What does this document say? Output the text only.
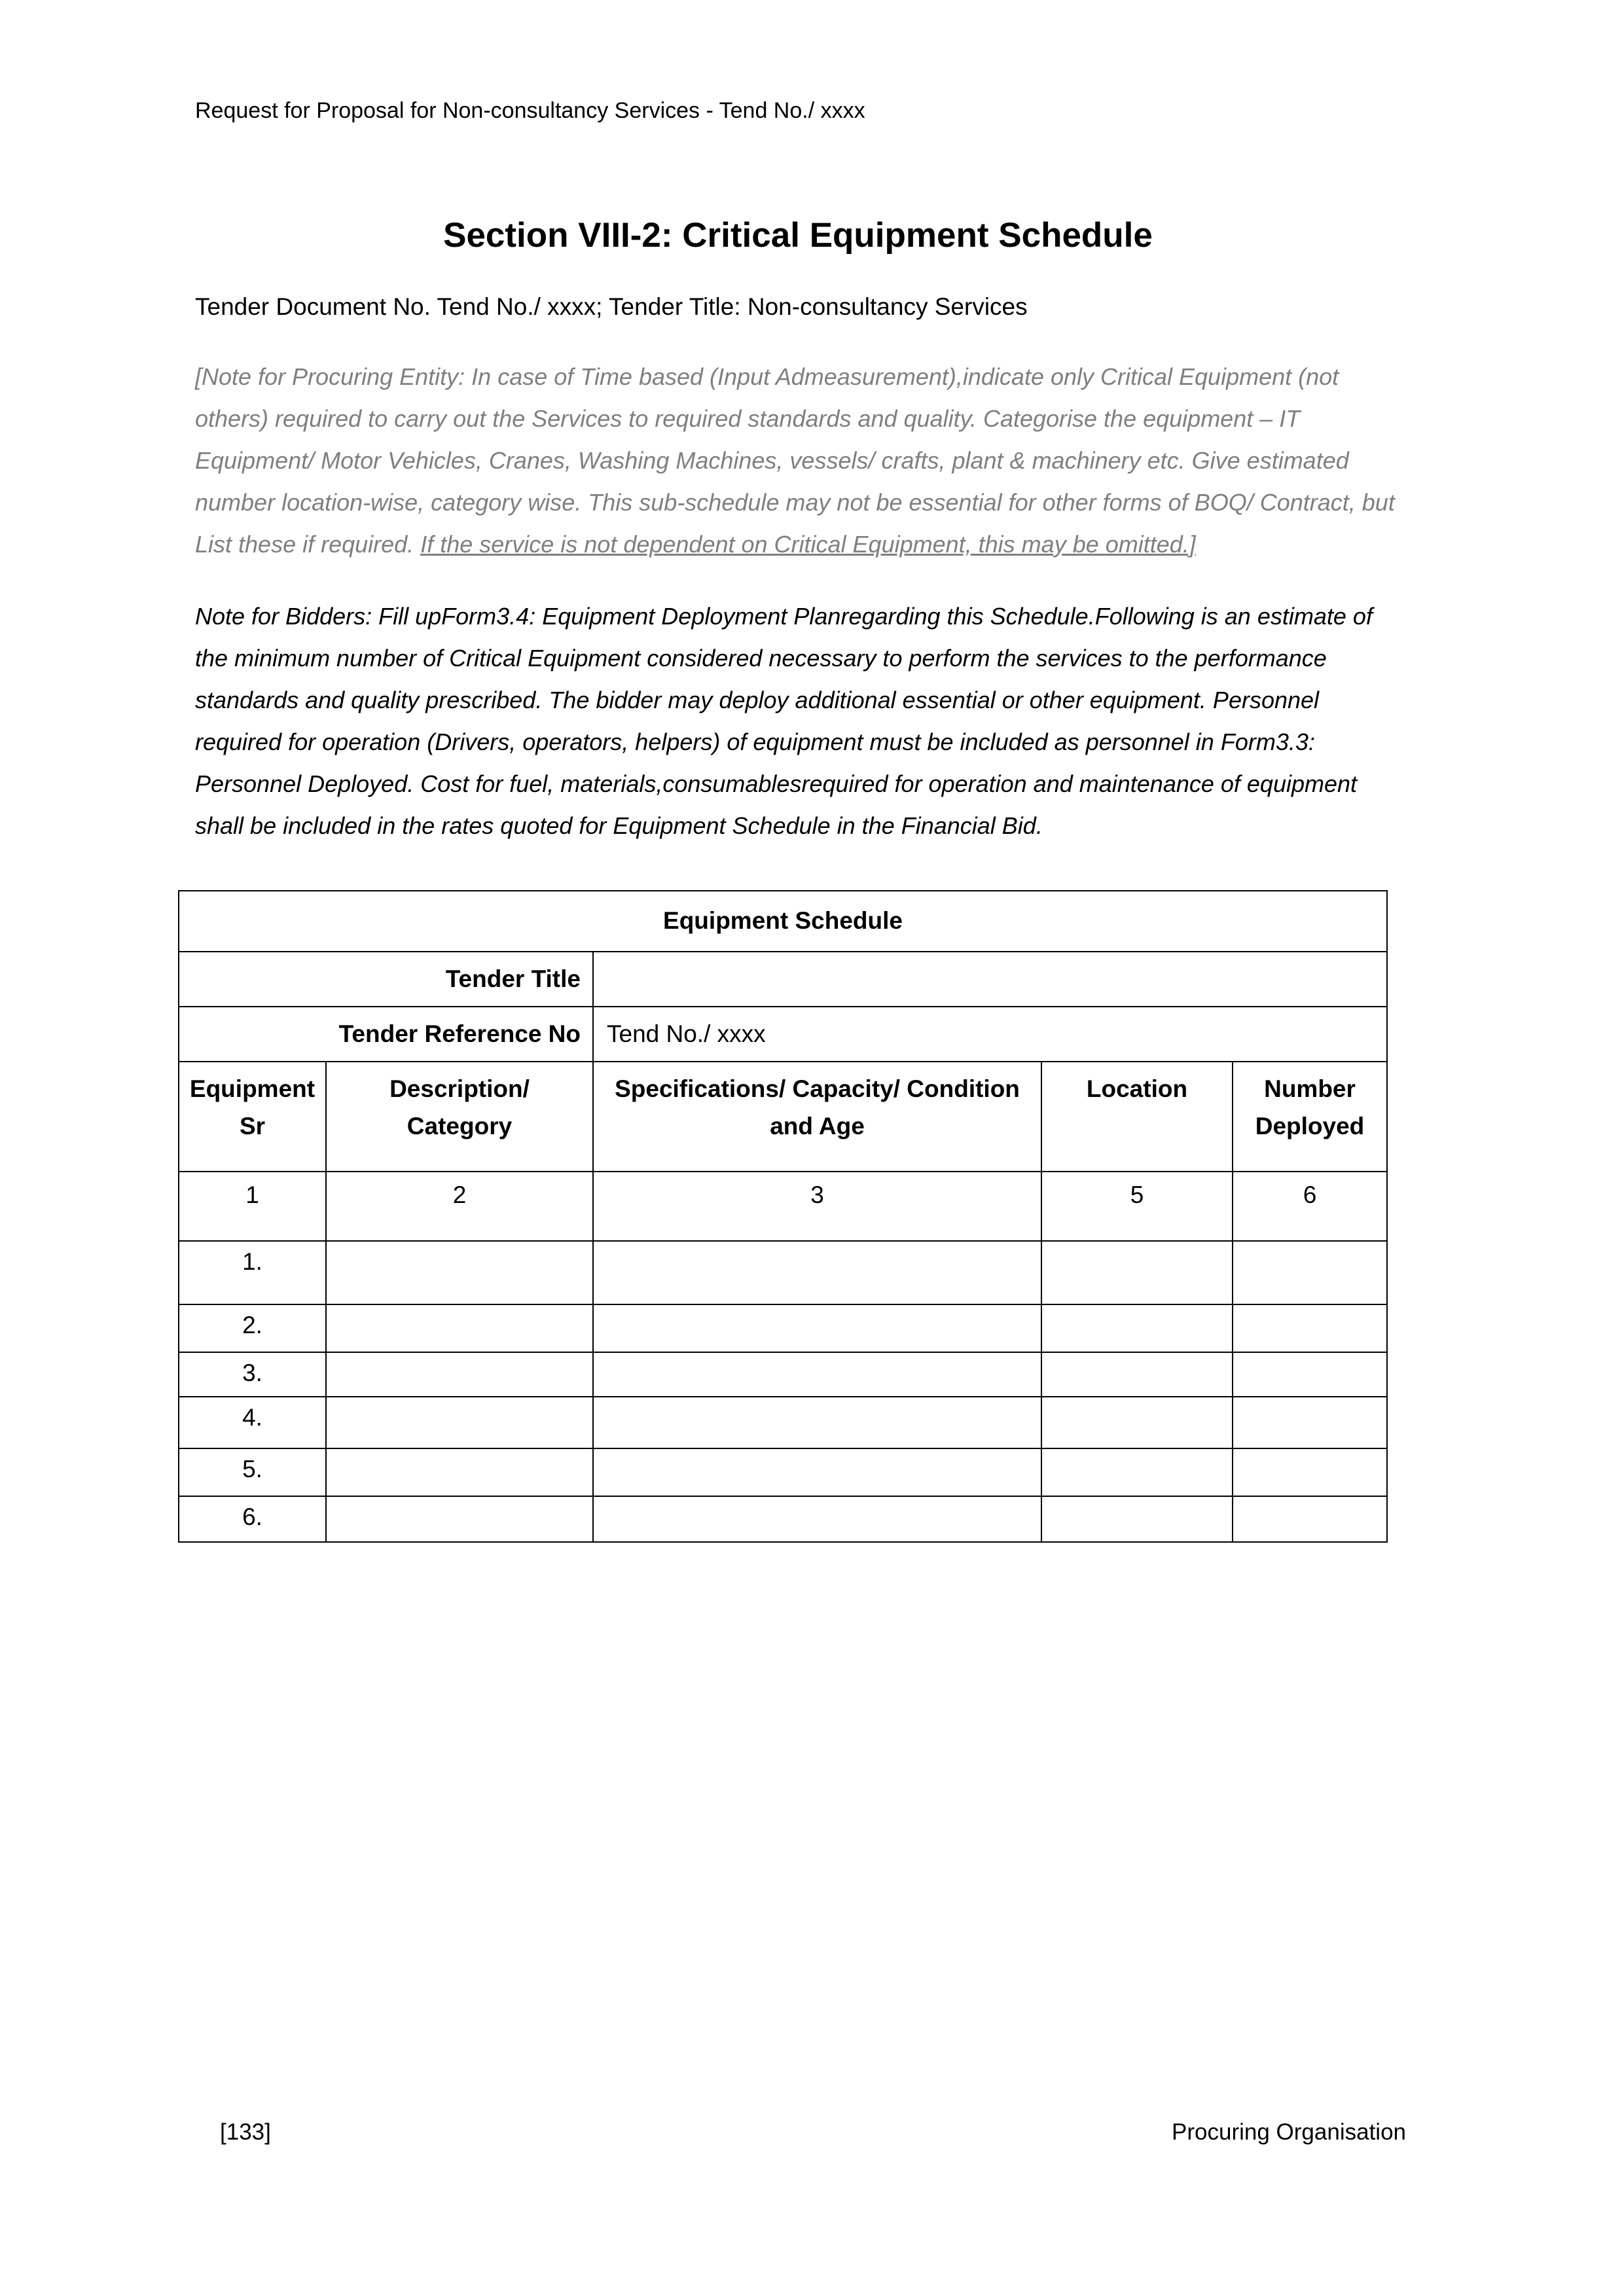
Request for Proposal for Non-consultancy Services - Tend No./ xxxx
Section VIII-2: Critical Equipment Schedule

Tender Document No. Tend No./ xxxx; Tender Title: Non-consultancy Services

[Note for Procuring Entity: In case of Time based (Input Admeasurement),indicate only Critical Equipment (not others) required to carry out the Services to required standards and quality. Categorise the equipment – IT Equipment/ Motor Vehicles, Cranes, Washing Machines, vessels/ crafts, plant & machinery etc. Give estimated number location-wise, category wise. This sub-schedule may not be essential for other forms of BOQ/ Contract, but List these if required. If the service is not dependent on Critical Equipment, this may be omitted.]

Note for Bidders: Fill upForm3.4: Equipment Deployment Planregarding this Schedule.Following is an estimate of the minimum number of Critical Equipment considered necessary to perform the services to the performance standards and quality prescribed. The bidder may deploy additional essential or other equipment. Personnel required for operation (Drivers, operators, helpers) of equipment must be included as personnel in Form3.3: Personnel Deployed. Cost for fuel, materials,consumablesrequired for operation and maintenance of equipment shall be included in the rates quoted for Equipment Schedule in the Financial Bid.

Equipment Schedule				
Tender Title				
Tender Reference No		Tend No./ xxxx		
Equipment Sr	Description/ Category	Specifications/ Capacity/ Condition and Age	Location	Number Deployed
1	2	3	5	6
1.				
2.				
3.				
4.				
5.				
6.				
[133]	Procuring Organisation
